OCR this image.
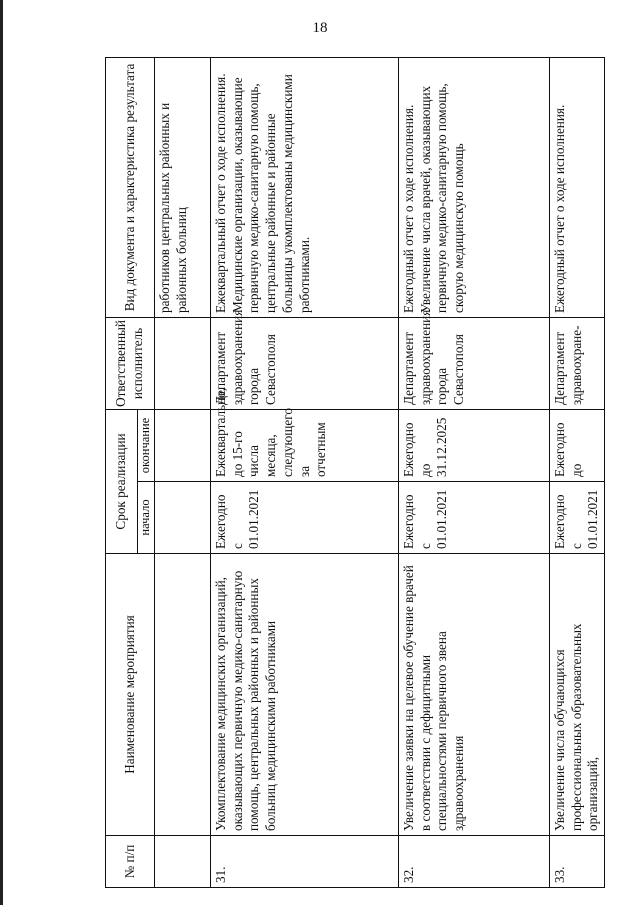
18
№ п/п	Наименование мероприятия	Срок реализации		Ответственный исполнитель	Вид документа и характеристика результата
		начало	окончание		
					работников центральных районных и районных больниц
31.	Укомплектование медицинских организаций, оказывающих первичную медико-санитарную помощь, центральных районных и районных больниц медицинскими работниками	Ежегодно с 01.01.2021	Ежеквартально, до 15-го числа месяца, следующего за отчетным	Департамент здравоохранения города Севастополя	Ежеквартальный отчет о ходе исполнения. Медицинские организации, оказывающие первичную медико-санитарную помощь, центральные районные и районные больницы укомплектованы медицинскими работниками.
32.	Увеличение заявки на целевое обучение врачей в соответствии с дефицитными специальностями первичного звена здравоохранения	Ежегодно с 01.01.2021	Ежегодно до 31.12.2025	Департамент здравоохранения города Севастополя	Ежегодный отчет о ходе исполнения. Увеличение числа врачей, оказывающих первичную медико-санитарную помощь, скорую медицинскую помощь
33.	Увеличение числа обучающихся профессиональных образовательных организаций,	Ежегодно с 01.01.2021	Ежегодно до	Департамент здравоохране-	Ежегодный отчет о ходе исполнения.
